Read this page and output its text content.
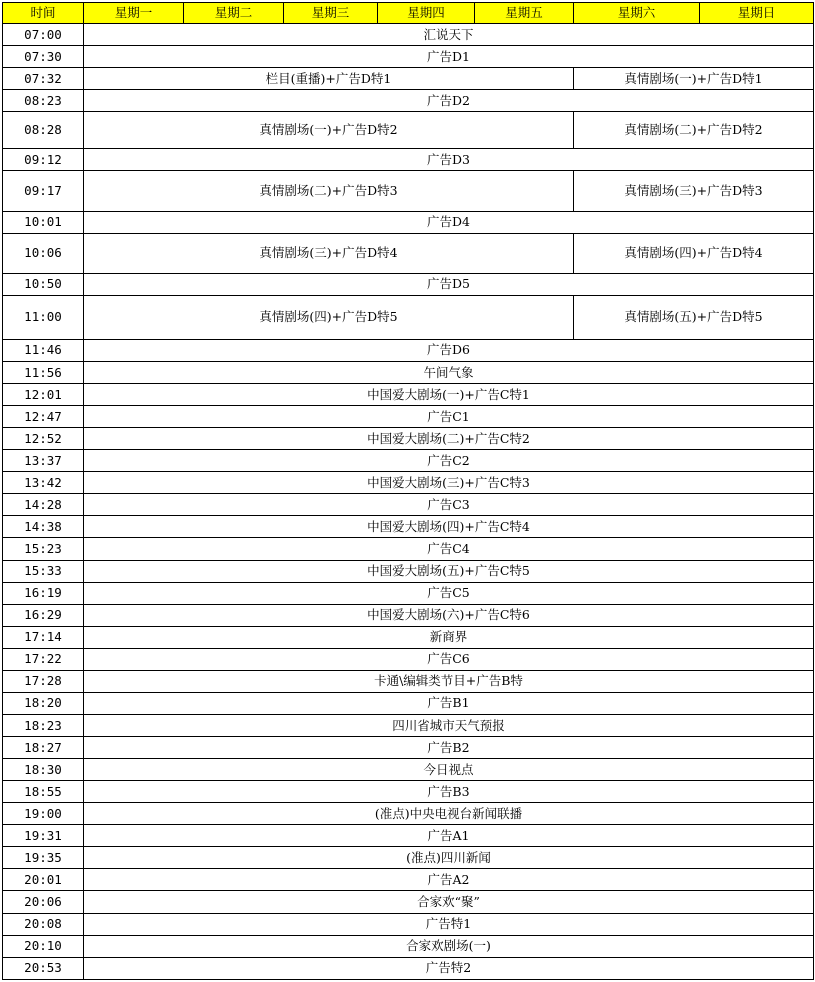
时间	星期一	星期二	星期三	星期四	星期五	星期六	星期日
07:00	汇说天下						
07:30	广告D1						
07:32	栏目(重播)+广告D特1					真情剧场(一)+广告D特1	
08:23	广告D2						
08:28	真情剧场(一)+广告D特2					真情剧场(二)+广告D特2	
09:12	广告D3						
09:17	真情剧场(二)+广告D特3					真情剧场(三)+广告D特3	
10:01	广告D4						
10:06	真情剧场(三)+广告D特4					真情剧场(四)+广告D特4	
10:50	广告D5						
11:00	真情剧场(四)+广告D特5					真情剧场(五)+广告D特5	
11:46	广告D6						
11:56	午间气象						
12:01	中国爱大剧场(一)+广告C特1						
12:47	广告C1						
12:52	中国爱大剧场(二)+广告C特2						
13:37	广告C2						
13:42	中国爱大剧场(三)+广告C特3						
14:28	广告C3						
14:38	中国爱大剧场(四)+广告C特4						
15:23	广告C4						
15:33	中国爱大剧场(五)+广告C特5						
16:19	广告C5						
16:29	中国爱大剧场(六)+广告C特6						
17:14	新商界						
17:22	广告C6						
17:28	卡通\编辑类节目+广告B特						
18:20	广告B1						
18:23	四川省城市天气预报						
18:27	广告B2						
18:30	今日视点						
18:55	广告B3						
19:00	(准点)中央电视台新闻联播						
19:31	广告A1						
19:35	(准点)四川新闻						
20:01	广告A2						
20:06	合家欢“聚”						
20:08	广告特1						
20:10	合家欢剧场(一)						
20:53	广告特2						
